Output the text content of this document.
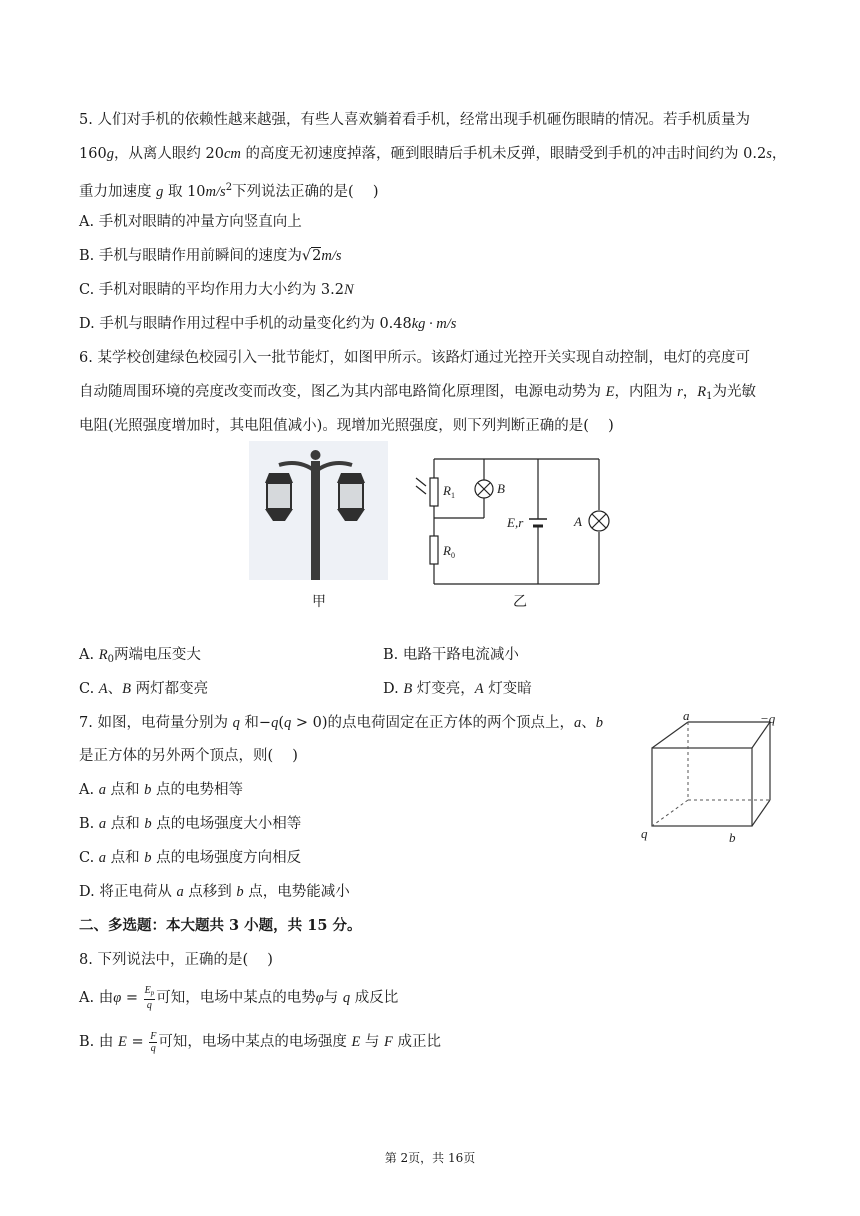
5. 人们对手机的依赖性越来越强，有些人喜欢躺着看手机，经常出现手机砸伤眼睛的情况。若手机质量为
160g，从离人眼约 20cm 的高度无初速度掉落，砸到眼睛后手机未反弹，眼睛受到手机的冲击时间约为 0.2s，
重力加速度 g 取 $10m/s^2$下列说法正确的是(　 )
A. 手机对眼睛的冲量方向竖直向上
B. 手机与眼睛作用前瞬间的速度为√2m/s
C. 手机对眼睛的平均作用力大小约为 3.2N
D. 手机与眼睛作用过程中手机的动量变化约为 0.48kg · m/s
6. 某学校创建绿色校园引入一批节能灯，如图甲所示。该路灯通过光控开关实现自动控制，电灯的亮度可
自动随周围环境的亮度改变而改变，图乙为其内部电路简化原理图，电源电动势为 E，内阻为 r，$R_1$为光敏
电阻(光照强度增加时，其电阻值减小)。现增加光照强度，则下列判断正确的是(　 )
甲
$R_1$	B
E,r	A
$R_0$
乙
A. $R_0$两端电压变大	B. 电路干路电流减小
C. A、B 两灯都变亮	D. B 灯变亮，A 灯变暗
7. 如图，电荷量分别为 q 和−q(q > 0)的点电荷固定在正方体的两个顶点上，a、b
是正方体的另外两个顶点，则(　 )
A. a 点和 b 点的电势相等
B. a 点和 b 点的电场强度大小相等
C. a 点和 b 点的电场强度方向相反
D. 将正电荷从 a 点移到 b 点，电势能减小
a	−q
q	b
二、多选题：本大题共 3 小题，共 15 分。
8. 下列说法中，正确的是(　 )
A. 由$\varphi = \frac{E_p}{q}$ 可知，电场中某点的电势φ与 q 成反比
B. 由 $E = \frac{F}{q}$ 可知，电场中某点的电场强度 E 与 F 成正比
第 2页，共 16页
